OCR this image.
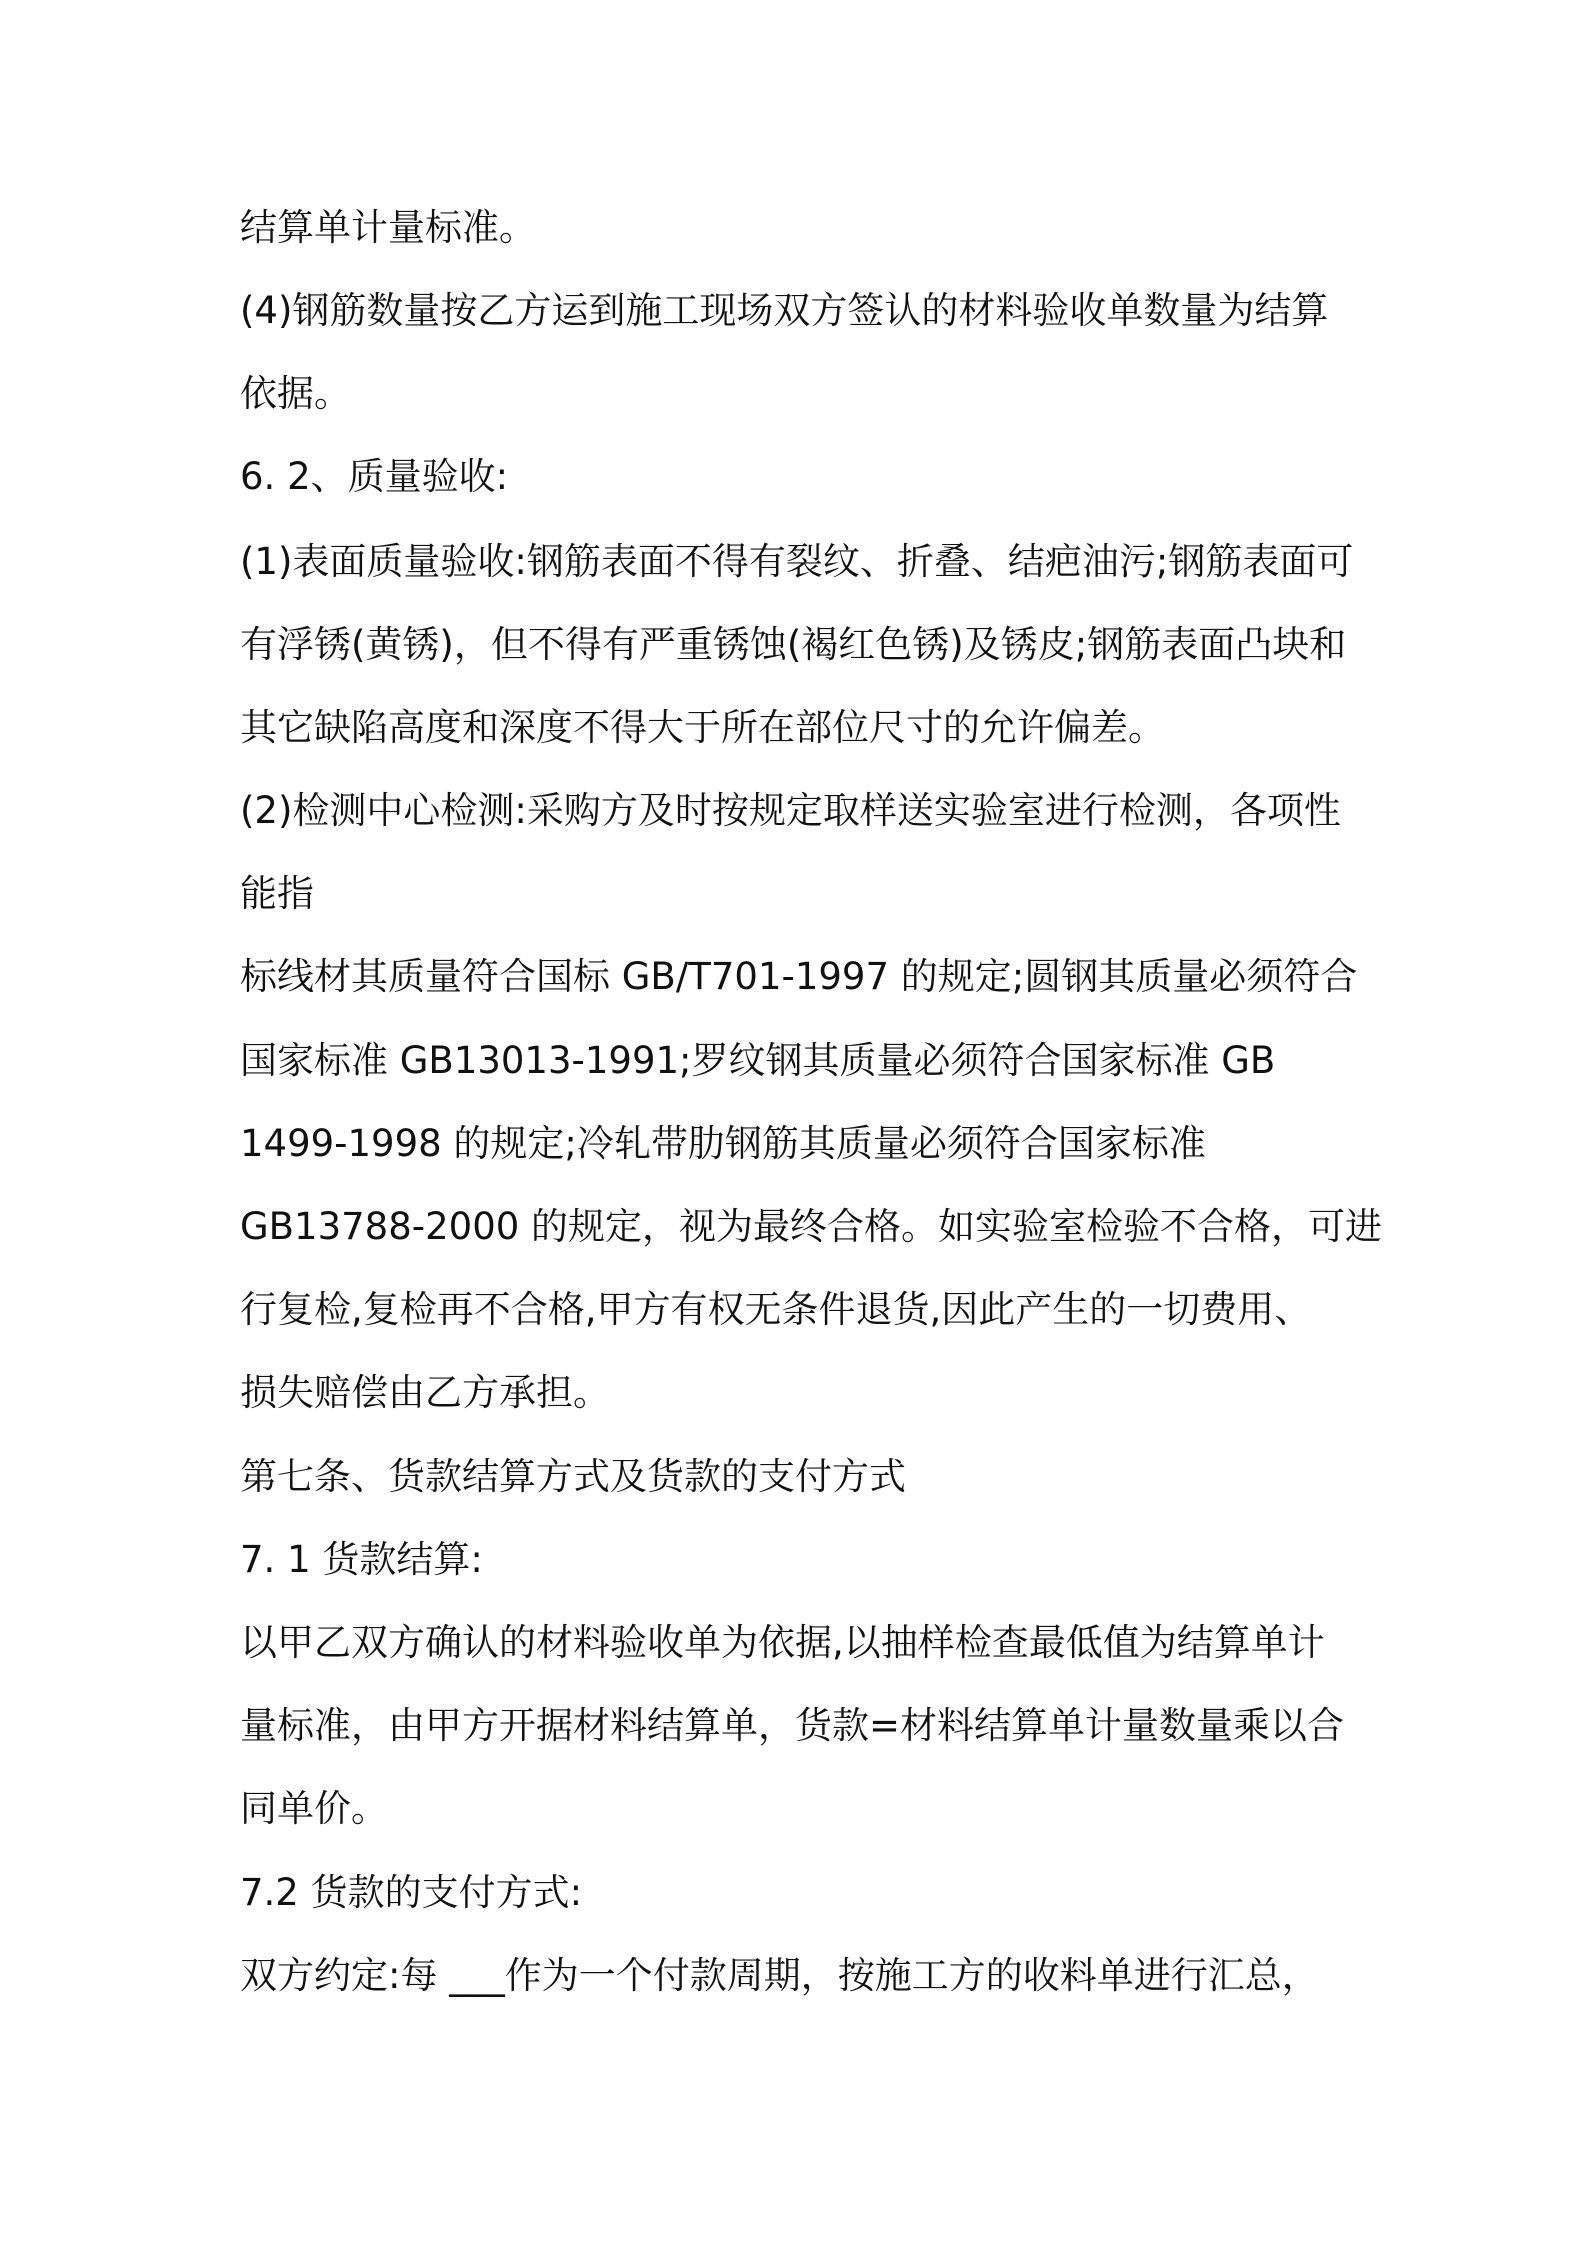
结算单计量标准。

(4)钢筋数量按乙方运到施工现场双方签认的材料验收单数量为结算

依据。

6. 2、质量验收:

(1)表面质量验收:钢筋表面不得有裂纹、折叠、结疤油污;钢筋表面可

有浮锈(黄锈)，但不得有严重锈蚀(褐红色锈)及锈皮;钢筋表面凸块和

其它缺陷高度和深度不得大于所在部位尺寸的允许偏差。

(2)检测中心检测:采购方及时按规定取样送实验室进行检测，各项性

能指

标线材其质量符合国标 GB/T701-1997 的规定;圆钢其质量必须符合

国家标准 GB13013-1991;罗纹钢其质量必须符合国家标准 GB

1499-1998 的规定;冷轧带肋钢筋其质量必须符合国家标准

GB13788-2000 的规定，视为最终合格。如实验室检验不合格，可进

行复检,复检再不合格,甲方有权无条件退货,因此产生的一切费用、

损失赔偿由乙方承担。

第七条、货款结算方式及货款的支付方式

7. 1 货款结算:

以甲乙双方确认的材料验收单为依据,以抽样检查最低值为结算单计

量标准，由甲方开据材料结算单，货款=材料结算单计量数量乘以合

同单价。

7.2 货款的支付方式:

双方约定:每 ___作为一个付款周期，按施工方的收料单进行汇总，
